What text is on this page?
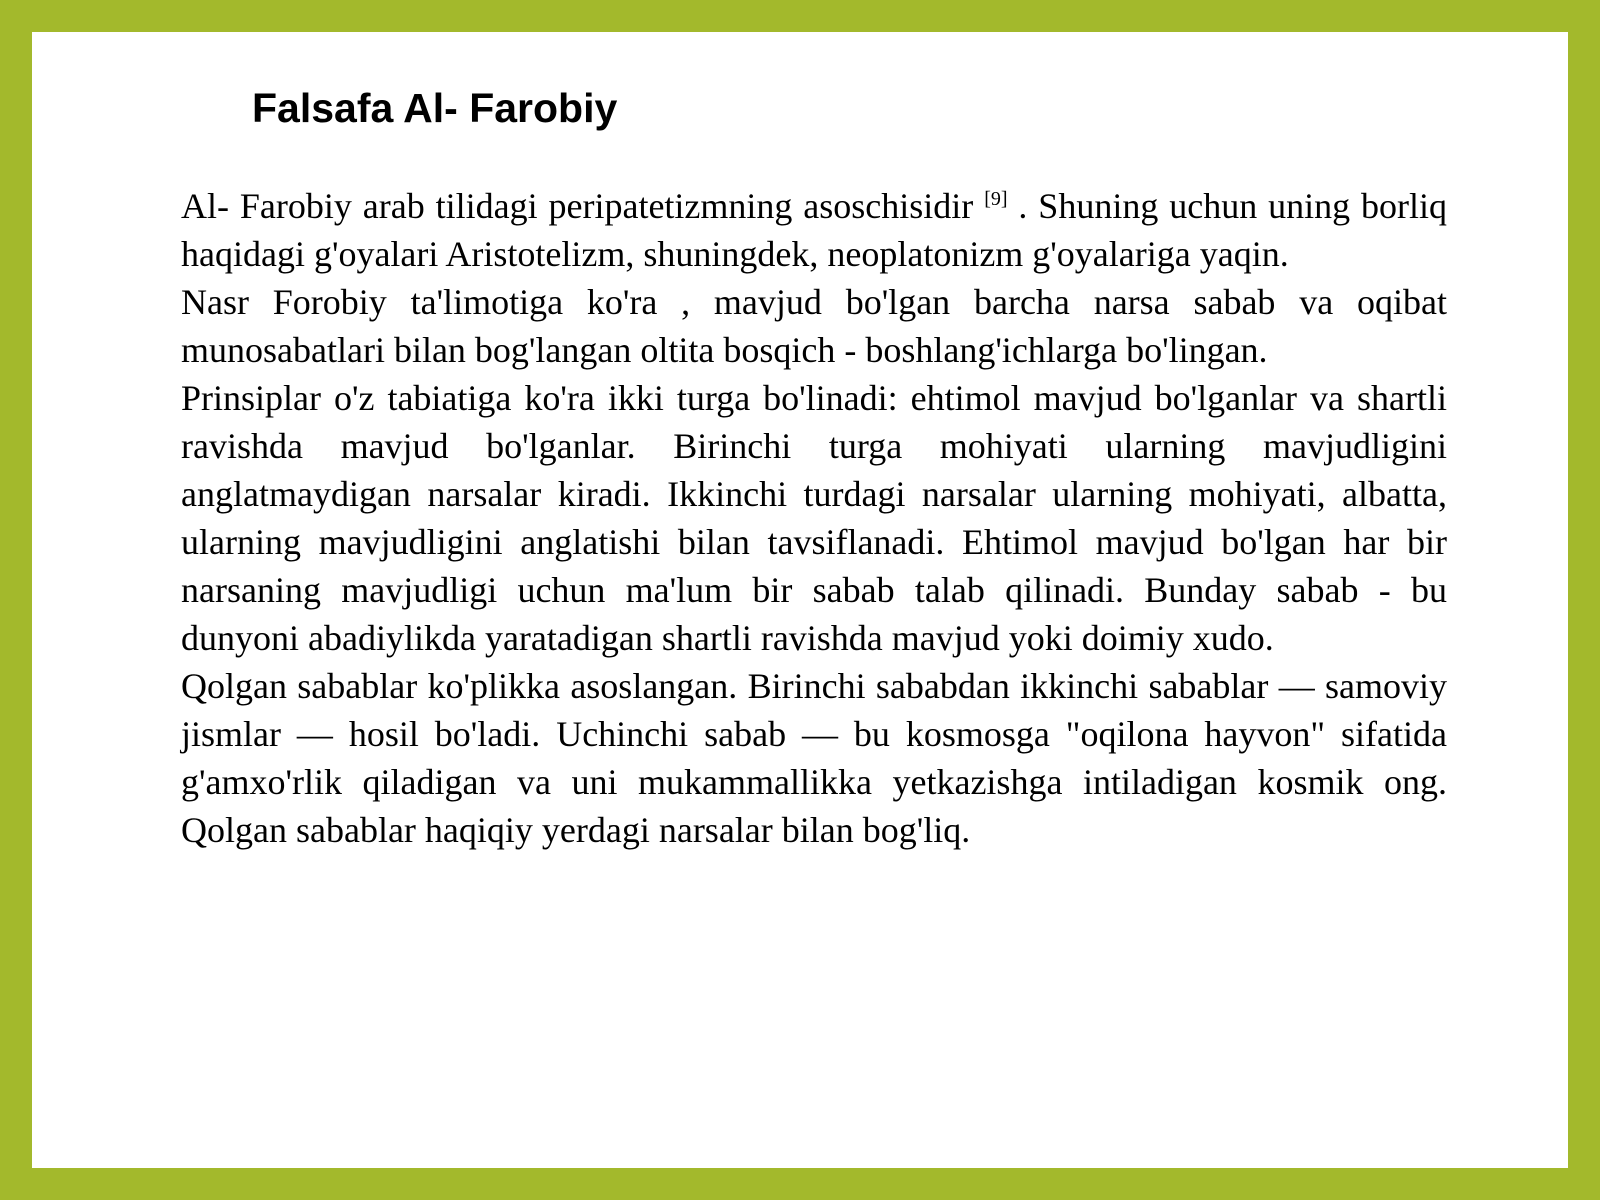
Falsafa Al- Farobiy

Al- Farobiy arab tilidagi peripatetizmning asoschisidir [9] . Shuning uchun uning borliq haqidagi g'oyalari Aristotelizm, shuningdek, neoplatonizm g'oyalariga yaqin.

Nasr Forobiy ta'limotiga ko'ra , mavjud bo'lgan barcha narsa sabab va oqibat munosabatlari bilan bog'langan oltita bosqich - boshlang'ichlarga bo'lingan.

Prinsiplar o'z tabiatiga ko'ra ikki turga bo'linadi: ehtimol mavjud bo'lganlar va shartli ravishda mavjud bo'lganlar. Birinchi turga mohiyati ularning mavjudligini anglatmaydigan narsalar kiradi. Ikkinchi turdagi narsalar ularning mohiyati, albatta, ularning mavjudligini anglatishi bilan tavsiflanadi. Ehtimol mavjud bo'lgan har bir narsaning mavjudligi uchun ma'lum bir sabab talab qilinadi. Bunday sabab - bu dunyoni abadiylikda yaratadigan shartli ravishda mavjud yoki doimiy xudo.

Qolgan sabablar ko'plikka asoslangan. Birinchi sababdan ikkinchi sabablar — samoviy jismlar — hosil bo'ladi. Uchinchi sabab — bu kosmosga "oqilona hayvon" sifatida g'amxo'rlik qiladigan va uni mukammallikka yetkazishga intiladigan kosmik ong. Qolgan sabablar haqiqiy yerdagi narsalar bilan bog'liq.
